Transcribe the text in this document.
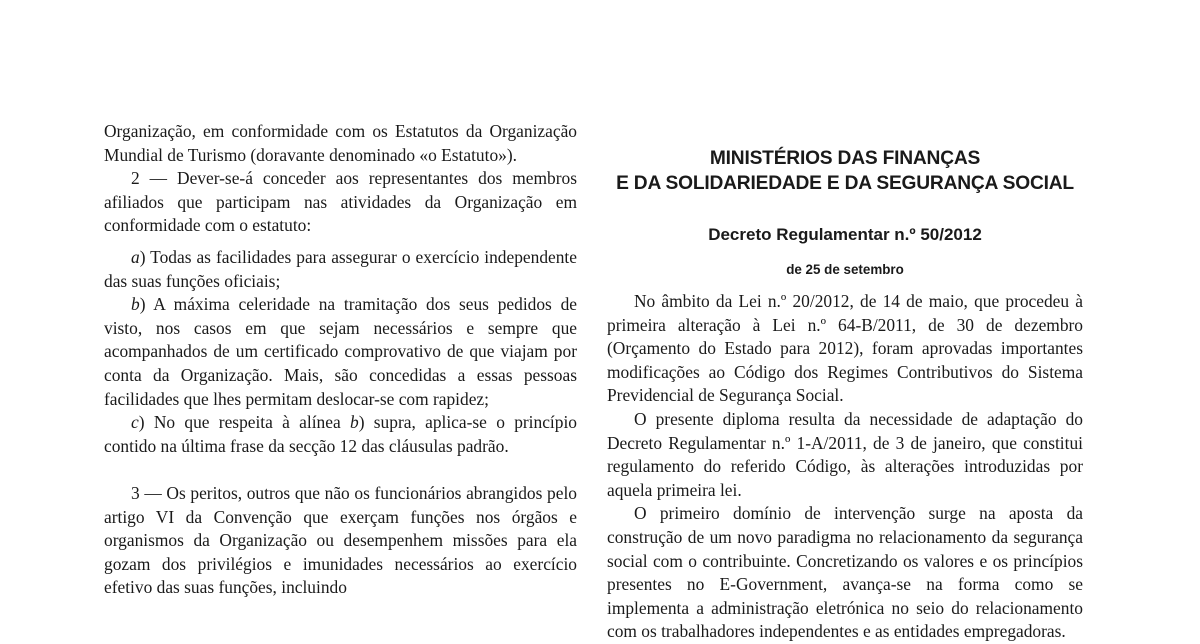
Organização, em conformidade com os Estatutos da Organização Mundial de Turismo (doravante denominado «o Estatuto»).

2 — Dever-se-á conceder aos representantes dos membros afiliados que participam nas atividades da Organização em conformidade com o estatuto:

a) Todas as facilidades para assegurar o exercício independente das suas funções oficiais;

b) A máxima celeridade na tramitação dos seus pedidos de visto, nos casos em que sejam necessários e sempre que acompanhados de um certificado comprovativo de que viajam por conta da Organização. Mais, são concedidas a essas pessoas facilidades que lhes permitam deslocar-se com rapidez;

c) No que respeita à alínea b) supra, aplica-se o princípio contido na última frase da secção 12 das cláusulas padrão.

3 — Os peritos, outros que não os funcionários abrangidos pelo artigo VI da Convenção que exerçam funções nos órgãos e organismos da Organização ou desempenhem missões para ela gozam dos privilégios e imunidades necessários ao exercício efetivo das suas funções, incluindo

MINISTÉRIOS DAS FINANÇAS
E DA SOLIDARIEDADE E DA SEGURANÇA SOCIAL
Decreto Regulamentar n.º 50/2012
de 25 de setembro

No âmbito da Lei n.º 20/2012, de 14 de maio, que procedeu à primeira alteração à Lei n.º 64-B/2011, de 30 de dezembro (Orçamento do Estado para 2012), foram aprovadas importantes modificações ao Código dos Regimes Contributivos do Sistema Previdencial de Segurança Social.

O presente diploma resulta da necessidade de adaptação do Decreto Regulamentar n.º 1-A/2011, de 3 de janeiro, que constitui regulamento do referido Código, às alterações introduzidas por aquela primeira lei.

O primeiro domínio de intervenção surge na aposta da construção de um novo paradigma no relacionamento da segurança social com o contribuinte. Concretizando os valores e os princípios presentes no E-Government, avança-se na forma como se implementa a administração eletrónica no seio do relacionamento com os trabalhadores independentes e as entidades empregadoras.
